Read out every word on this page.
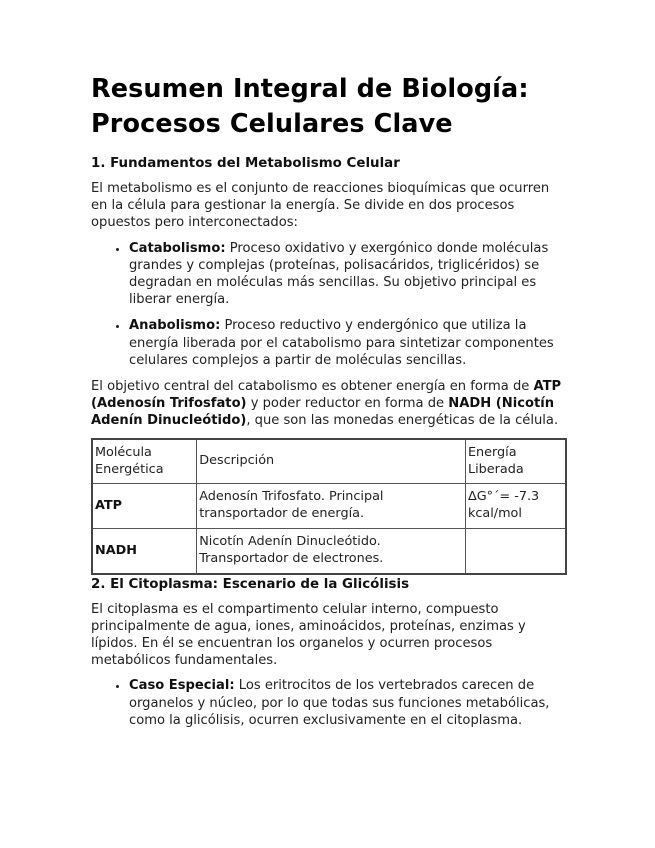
Resumen Integral de Biología: Procesos Celulares Clave
1. Fundamentos del Metabolismo Celular

El metabolismo es el conjunto de reacciones bioquímicas que ocurren en la célula para gestionar la energía. Se divide en dos procesos opuestos pero interconectados:

• Catabolismo: Proceso oxidativo y exergónico donde moléculas grandes y complejas (proteínas, polisacáridos, triglicéridos) se degradan en moléculas más sencillas. Su objetivo principal es liberar energía.
• Anabolismo: Proceso reductivo y endergónico que utiliza la energía liberada por el catabolismo para sintetizar componentes celulares complejos a partir de moléculas sencillas.

El objetivo central del catabolismo es obtener energía en forma de ATP (Adenosín Trifosfato) y poder reductor en forma de NADH (Nicotín Adenín Dinucleótido), que son las monedas energéticas de la célula.

Molécula Energética	Descripción	Energía Liberada
ATP	Adenosín Trifosfato. Principal transportador de energía.	ΔG°´= -7.3 kcal/mol
NADH	Nicotín Adenín Dinucleótido. Transportador de electrones.	
2. El Citoplasma: Escenario de la Glicólisis

El citoplasma es el compartimento celular interno, compuesto principalmente de agua, iones, aminoácidos, proteínas, enzimas y lípidos. En él se encuentran los organelos y ocurren procesos metabólicos fundamentales.

• Caso Especial: Los eritrocitos de los vertebrados carecen de organelos y núcleo, por lo que todas sus funciones metabólicas, como la glicólisis, ocurren exclusivamente en el citoplasma.
